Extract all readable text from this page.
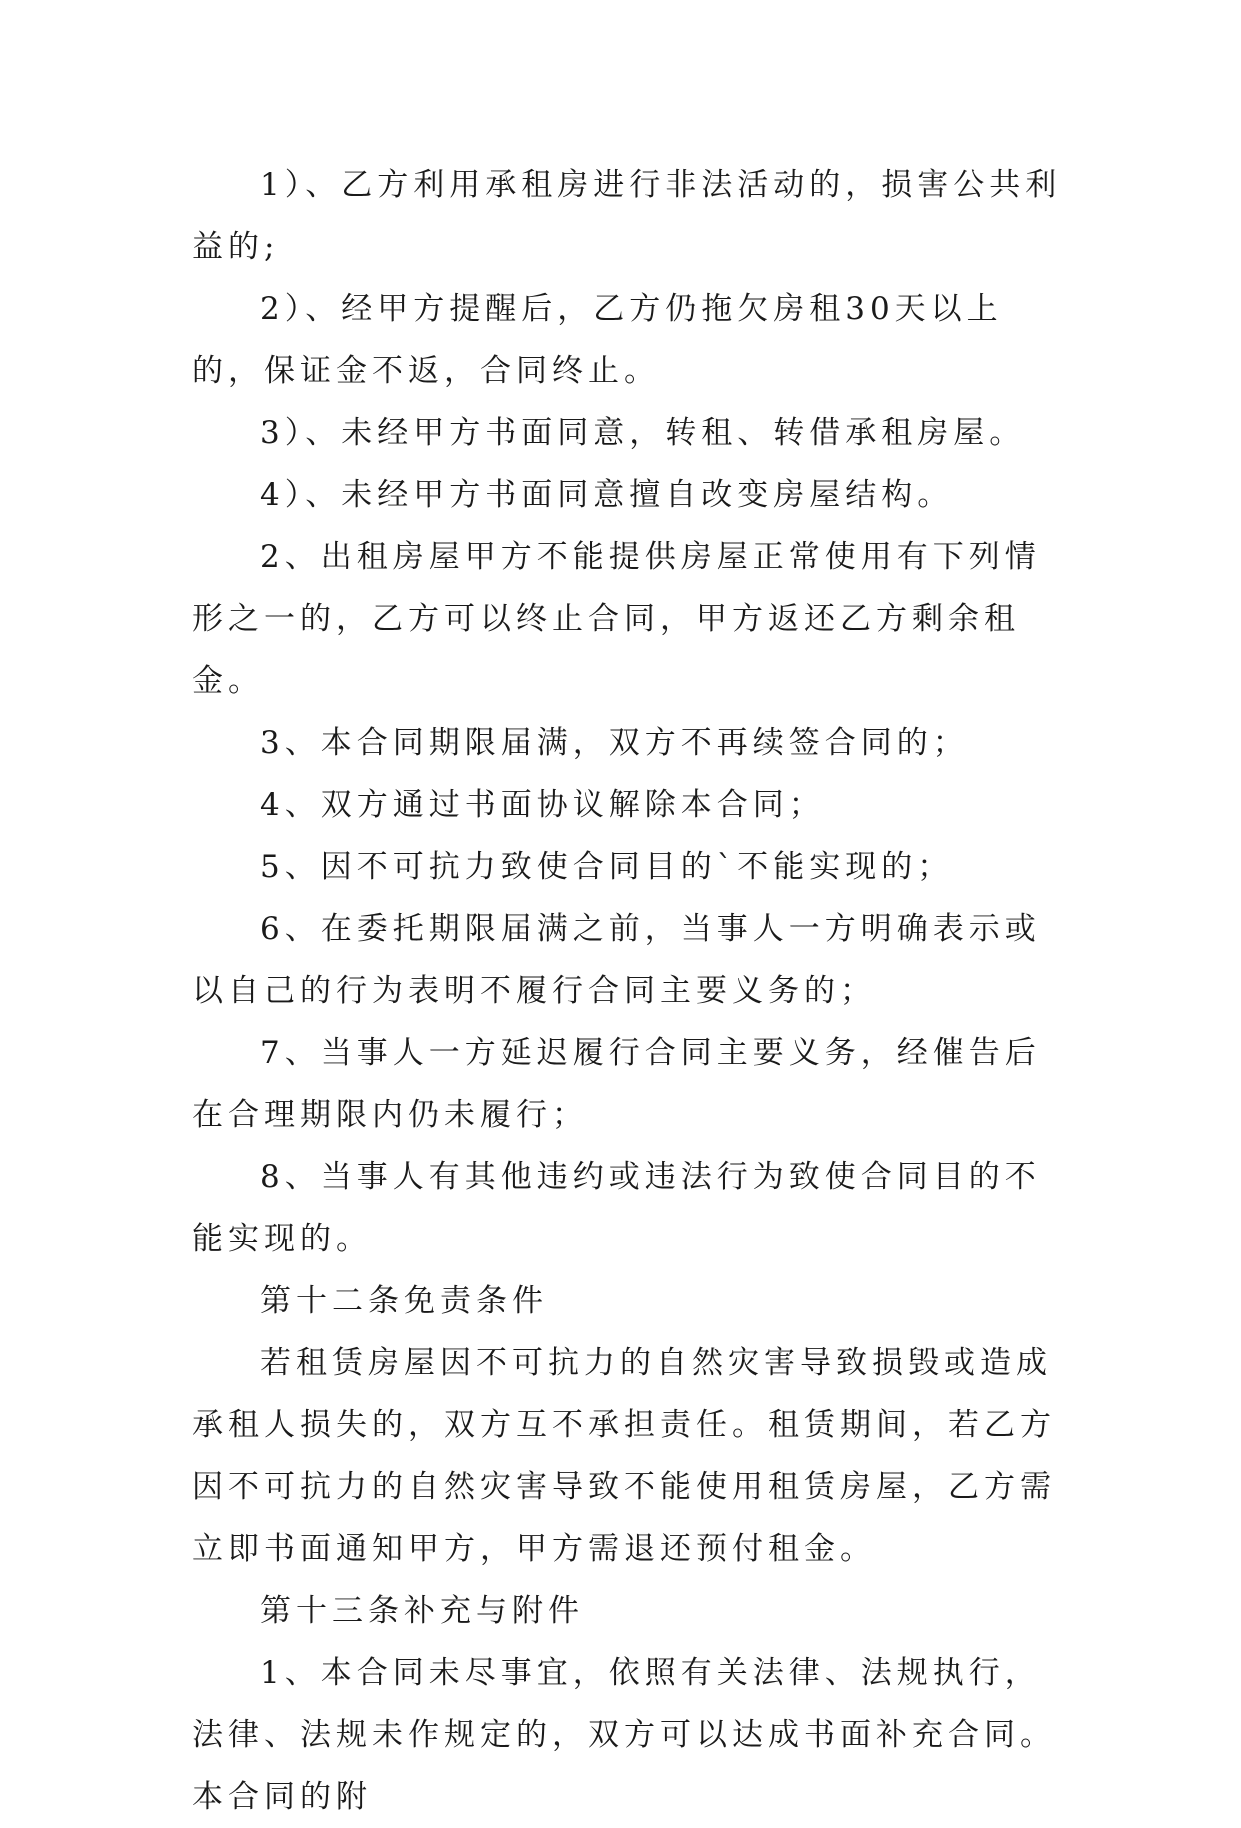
1）、乙方利用承租房进行非法活动的，损害公共利益的;

2）、经甲方提醒后，乙方仍拖欠房租30天以上的，保证金不返，合同终止。

3）、未经甲方书面同意，转租、转借承租房屋。

4）、未经甲方书面同意擅自改变房屋结构。

2、出租房屋甲方不能提供房屋正常使用有下列情形之一的，乙方可以终止合同，甲方返还乙方剩余租金。

3、本合同期限届满，双方不再续签合同的；

4、双方通过书面协议解除本合同；

5、因不可抗力致使合同目的`不能实现的；

6、在委托期限届满之前，当事人一方明确表示或以自己的行为表明不履行合同主要义务的；

7、当事人一方延迟履行合同主要义务，经催告后在合理期限内仍未履行；

8、当事人有其他违约或违法行为致使合同目的不能实现的。

第十二条免责条件

若租赁房屋因不可抗力的自然灾害导致损毁或造成承租人损失的，双方互不承担责任。租赁期间，若乙方因不可抗力的自然灾害导致不能使用租赁房屋，乙方需立即书面通知甲方，甲方需退还预付租金。

第十三条补充与附件

1、本合同未尽事宜，依照有关法律、法规执行，法律、法规未作规定的，双方可以达成书面补充合同。本合同的附
